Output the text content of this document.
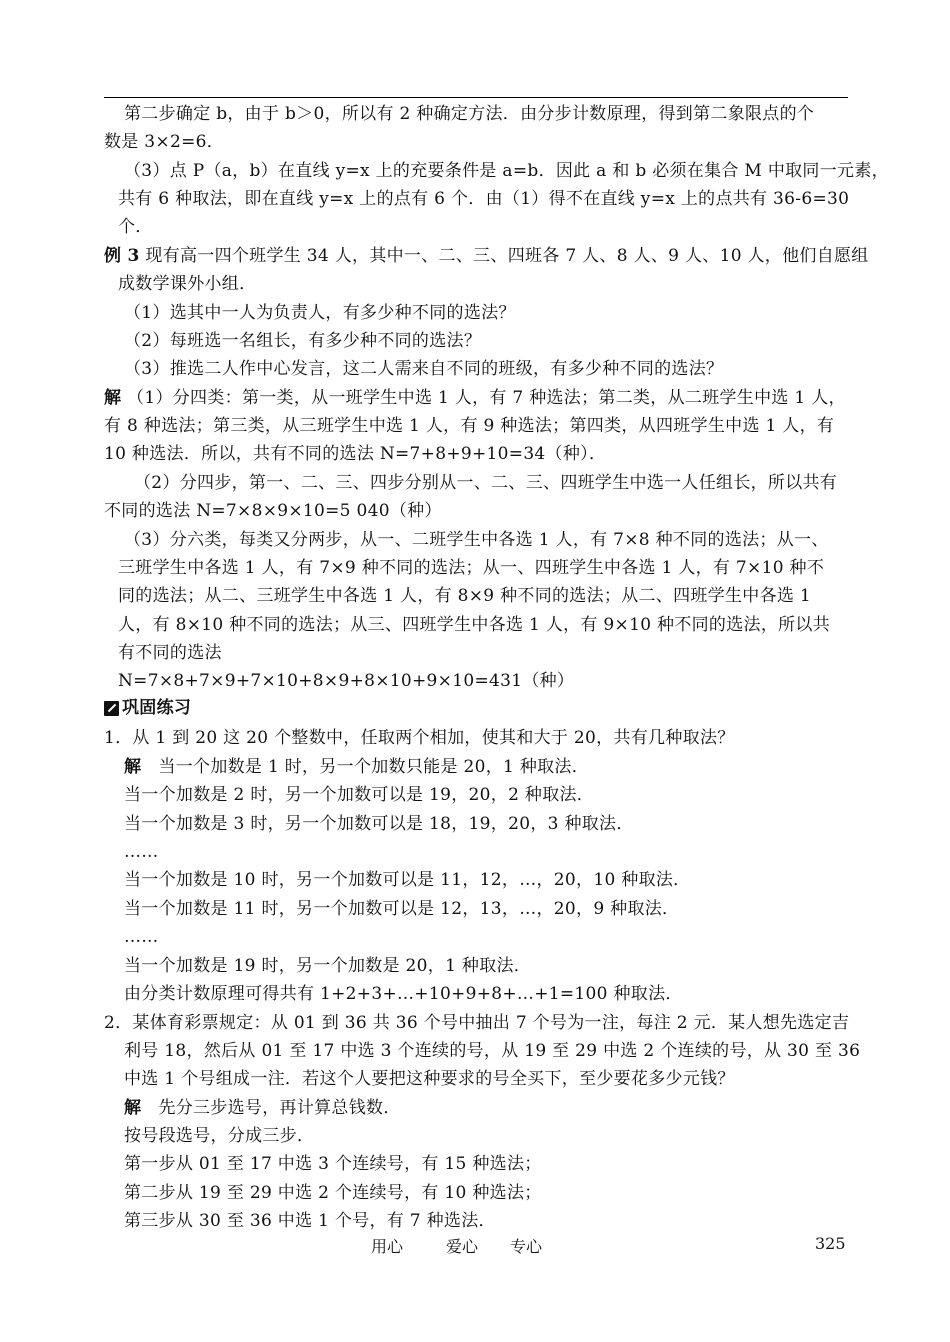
第二步确定 b，由于 b＞0，所以有 2 种确定方法．由分步计数原理，得到第二象限点的个
数是 3×2=6．
（3）点 P（a，b）在直线 y=x 上的充要条件是 a=b．因此 a 和 b 必须在集合 M 中取同一元素，
共有 6 种取法，即在直线 y=x 上的点有 6 个．由（1）得不在直线 y=x 上的点共有 36-6=30
个．
例 3 现有高一四个班学生 34 人，其中一、二、三、四班各 7 人、8 人、9 人、10 人，他们自愿组
成数学课外小组．
（1）选其中一人为负责人，有多少种不同的选法？
（2）每班选一名组长，有多少种不同的选法？
（3）推选二人作中心发言，这二人需来自不同的班级，有多少种不同的选法？
解 （1）分四类：第一类，从一班学生中选 1 人，有 7 种选法；第二类，从二班学生中选 1 人，
有 8 种选法；第三类，从三班学生中选 1 人，有 9 种选法；第四类，从四班学生中选 1 人，有
10 种选法．所以，共有不同的选法 N=7+8+9+10=34（种）．
（2）分四步，第一、二、三、四步分别从一、二、三、四班学生中选一人任组长，所以共有
不同的选法 N=7×8×9×10=5 040（种）
（3）分六类，每类又分两步，从一、二班学生中各选 1 人，有 7×8 种不同的选法；从一、
三班学生中各选 1 人，有 7×9 种不同的选法；从一、四班学生中各选 1 人，有 7×10 种不
同的选法；从二、三班学生中各选 1 人，有 8×9 种不同的选法；从二、四班学生中各选 1
人，有 8×10 种不同的选法；从三、四班学生中各选 1 人，有 9×10 种不同的选法，所以共
有不同的选法
N=7×8+7×9+7×10+8×9+8×10+9×10=431（种）
巩固练习
1．从 1 到 20 这 20 个整数中，任取两个相加，使其和大于 20，共有几种取法？
解 当一个加数是 1 时，另一个加数只能是 20，1 种取法．
当一个加数是 2 时，另一个加数可以是 19，20，2 种取法．
当一个加数是 3 时，另一个加数可以是 18，19，20，3 种取法．
……
当一个加数是 10 时，另一个加数可以是 11，12，…，20，10 种取法．
当一个加数是 11 时，另一个加数可以是 12，13，…，20，9 种取法．
……
当一个加数是 19 时，另一个加数是 20，1 种取法．
由分类计数原理可得共有 1+2+3+…+10+9+8+…+1=100 种取法．
2．某体育彩票规定：从 01 到 36 共 36 个号中抽出 7 个号为一注，每注 2 元．某人想先选定吉
利号 18，然后从 01 至 17 中选 3 个连续的号，从 19 至 29 中选 2 个连续的号，从 30 至 36
中选 1 个号组成一注．若这个人要把这种要求的号全买下，至少要花多少元钱？
解 先分三步选号，再计算总钱数．
按号段选号，分成三步．
第一步从 01 至 17 中选 3 个连续号，有 15 种选法；
第二步从 19 至 29 中选 2 个连续号，有 10 种选法；
第三步从 30 至 36 中选 1 个号，有 7 种选法．
用心	爱心 专心	325
